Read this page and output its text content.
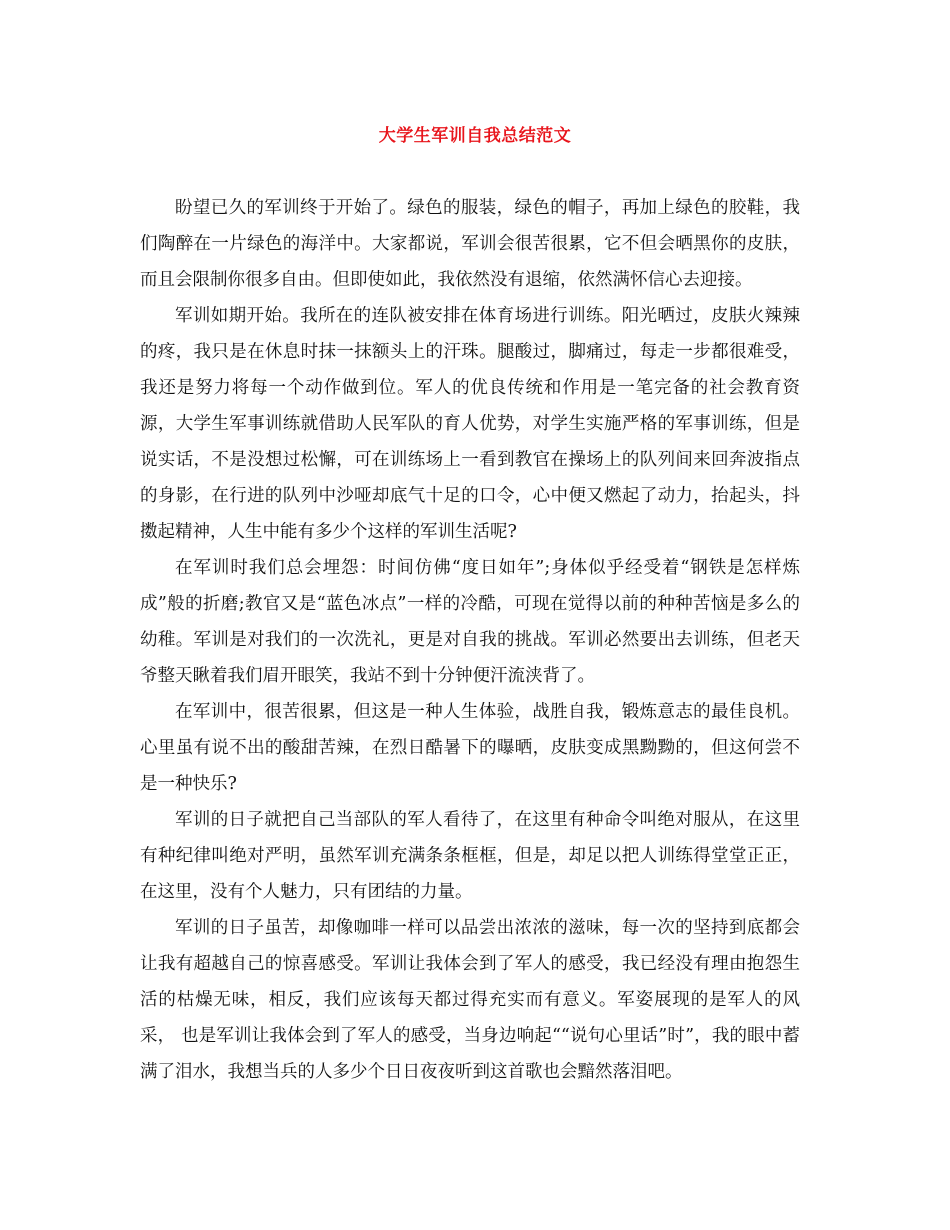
大学生军训自我总结范文

盼望已久的军训终于开始了。绿色的服装，绿色的帽子，再加上绿色的胶鞋，我们陶醉在一片绿色的海洋中。大家都说，军训会很苦很累，它不但会晒黑你的皮肤，而且会限制你很多自由。但即使如此，我依然没有退缩，依然满怀信心去迎接。

军训如期开始。我所在的连队被安排在体育场进行训练。阳光晒过，皮肤火辣辣的疼，我只是在休息时抹一抹额头上的汗珠。腿酸过，脚痛过，每走一步都很难受，我还是努力将每一个动作做到位。军人的优良传统和作用是一笔完备的社会教育资源，大学生军事训练就借助人民军队的育人优势，对学生实施严格的军事训练，但是说实话，不是没想过松懈，可在训练场上一看到教官在操场上的队列间来回奔波指点的身影，在行进的队列中沙哑却底气十足的口令，心中便又燃起了动力，抬起头，抖擞起精神，人生中能有多少个这样的军训生活呢?

在军训时我们总会埋怨：时间仿佛“度日如年”;身体似乎经受着“钢铁是怎样炼成”般的折磨;教官又是“蓝色冰点”一样的冷酷，可现在觉得以前的种种苦恼是多么的幼稚。军训是对我们的一次洗礼，更是对自我的挑战。军训必然要出去训练，但老天爷整天瞅着我们眉开眼笑，我站不到十分钟便汗流浃背了。

在军训中，很苦很累，但这是一种人生体验，战胜自我，锻炼意志的最佳良机。心里虽有说不出的酸甜苦辣，在烈日酷暑下的曝晒，皮肤变成黑黝黝的，但这何尝不是一种快乐?

军训的日子就把自己当部队的军人看待了，在这里有种命令叫绝对服从，在这里有种纪律叫绝对严明，虽然军训充满条条框框，但是，却足以把人训练得堂堂正正，在这里，没有个人魅力，只有团结的力量。

军训的日子虽苦，却像咖啡一样可以品尝出浓浓的滋味，每一次的坚持到底都会让我有超越自己的惊喜感受。军训让我体会到了军人的感受，我已经没有理由抱怨生活的枯燥无味，相反，我们应该每天都过得充实而有意义。军姿展现的是军人的风采， 也是军训让我体会到了军人的感受，当身边响起““说句心里话”时”，我的眼中蓄满了泪水，我想当兵的人多少个日日夜夜听到这首歌也会黯然落泪吧。
